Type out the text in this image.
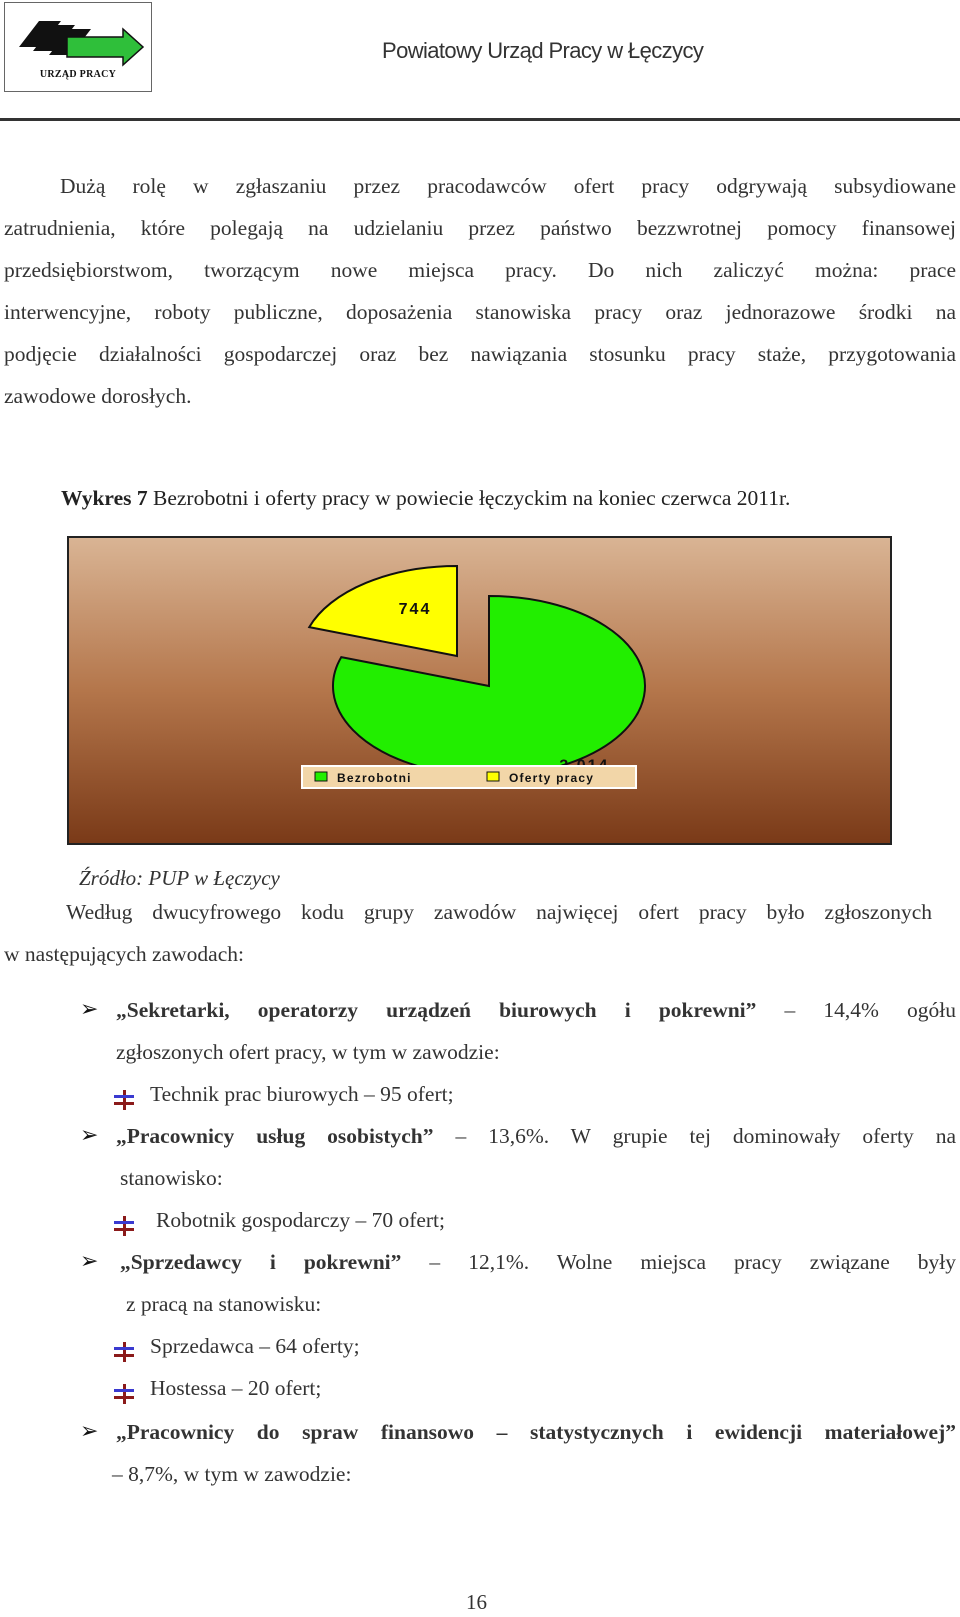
URZĄD PRACY
Powiatowy Urząd Pracy w Łęczycy
Dużą rolę w zgłaszaniu przez pracodawców ofert pracy odgrywają subsydiowane
zatrudnienia, które polegają na udzielaniu przez państwo bezzwrotnej pomocy finansowej
przedsiębiorstwom, tworzącym nowe miejsca pracy. Do nich zaliczyć można: prace
interwencyjne, roboty publiczne, doposażenia stanowiska pracy oraz jednorazowe środki na
podjęcie działalności gospodarczej oraz bez nawiązania stosunku pracy staże, przygotowania
zawodowe dorosłych.
Wykres 7 Bezrobotni i oferty pracy w powiecie łęczyckim na koniec czerwca 2011r.
744
Bezrobotni	Oferty pracy
Źródło: PUP w Łęczycy
Według dwucyfrowego kodu grupy zawodów najwięcej ofert pracy było zgłoszonych
w następujących zawodach:
➢ „Sekretarki, operatorzy urządzeń biurowych i pokrewni” – 14,4% ogółu
zgłoszonych ofert pracy, w tym w zawodzie:
Technik prac biurowych – 95 ofert;
➢ „Pracownicy usług osobistych” – 13,6%. W grupie tej dominowały oferty na
stanowisko:
Robotnik gospodarczy – 70 ofert;
➢ „Sprzedawcy i pokrewni” – 12,1%. Wolne miejsca pracy związane były
z pracą na stanowisku:
Sprzedawca – 64 oferty;
Hostessa – 20 ofert;
➢ „Pracownicy do spraw finansowo – statystycznych i ewidencji materiałowej”
– 8,7%, w tym w zawodzie:
16
